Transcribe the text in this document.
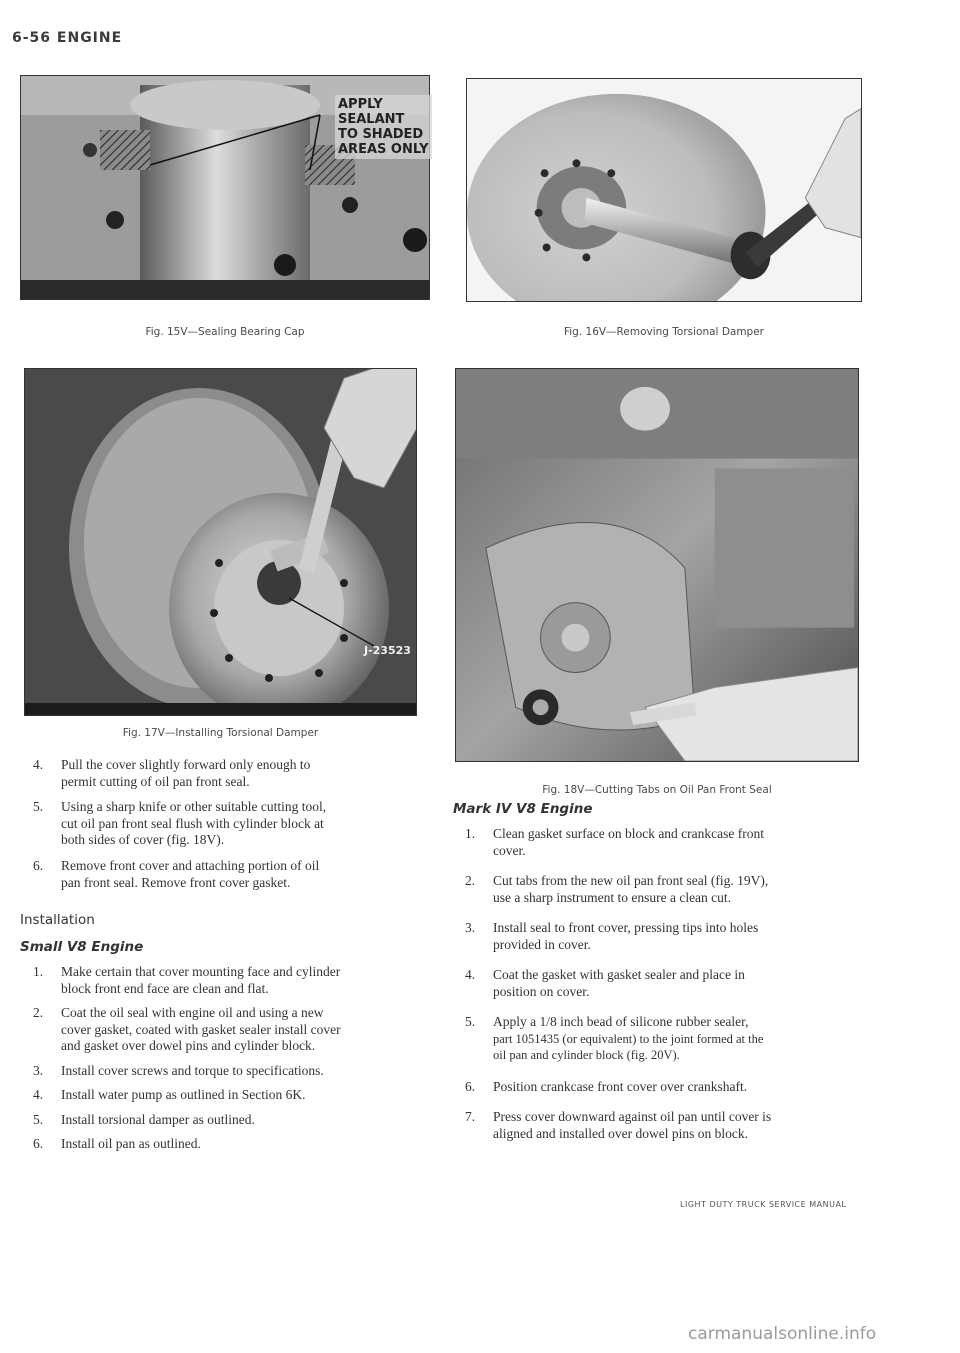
6-56 ENGINE
APPLY
SEALANT
TO SHADED
AREAS ONLY
Fig. 15V—Sealing Bearing Cap	Fig. 16V—Removing Torsional Damper
J-23523
Fig. 17V—Installing Torsional Damper
Fig. 18V—Cutting Tabs on Oil Pan Front Seal
4. Pull the cover slightly forward only enough to
permit cutting of oil pan front seal.
5. Using a sharp knife or other suitable cutting tool,
cut oil pan front seal flush with cylinder block at
both sides of cover (fig. 18V).
6. Remove front cover and attaching portion of oil
pan front seal. Remove front cover gasket.
Installation
Small V8 Engine
1. Make certain that cover mounting face and cylinder
block front end face are clean and flat.
2. Coat the oil seal with engine oil and using a new
cover gasket, coated with gasket sealer install cover
and gasket over dowel pins and cylinder block.
3. Install cover screws and torque to specifications.
4. Install water pump as outlined in Section 6K.
5. Install torsional damper as outlined.
6. Install oil pan as outlined.
Mark IV V8 Engine
1. Clean gasket surface on block and crankcase front
cover.
2. Cut tabs from the new oil pan front seal (fig. 19V),
use a sharp instrument to ensure a clean cut.
3. Install seal to front cover, pressing tips into holes
provided in cover.
4. Coat the gasket with gasket sealer and place in
position on cover.
5. Apply a 1/8 inch bead of silicone rubber sealer,
part 1051435 (or equivalent) to the joint formed at the
oil pan and cylinder block (fig. 20V).
6. Position crankcase front cover over crankshaft.
7. Press cover downward against oil pan until cover is
aligned and installed over dowel pins on block.
LIGHT DUTY TRUCK SERVICE MANUAL
carmanualsonline.info
